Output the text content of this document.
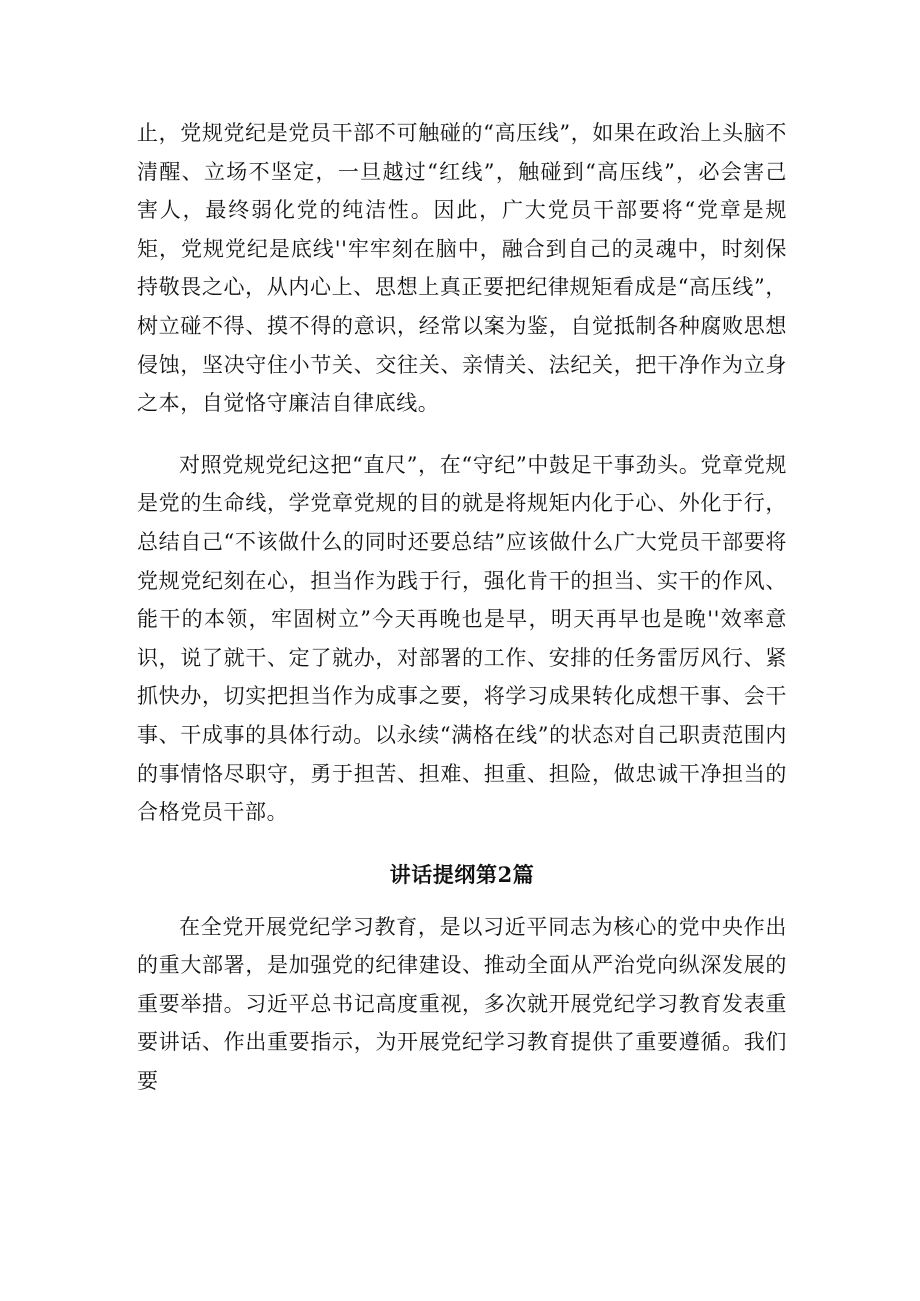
止，党规党纪是党员干部不可触碰的“高压线”，如果在政治上头脑不清醒、立场不坚定，一旦越过“红线”，触碰到“高压线”，必会害己害人，最终弱化党的纯洁性。因此，广大党员干部要将“党章是规矩，党规党纪是底线''牢牢刻在脑中，融合到自己的灵魂中，时刻保持敬畏之心，从内心上、思想上真正要把纪律规矩看成是“高压线”，树立碰不得、摸不得的意识，经常以案为鉴，自觉抵制各种腐败思想侵蚀，坚决守住小节关、交往关、亲情关、法纪关，把干净作为立身之本，自觉恪守廉洁自律底线。

对照党规党纪这把“直尺”，在“守纪”中鼓足干事劲头。党章党规是党的生命线，学党章党规的目的就是将规矩内化于心、外化于行，总结自己“不该做什么的同时还要总结”应该做什么广大党员干部要将党规党纪刻在心，担当作为践于行，强化肯干的担当、实干的作风、能干的本领，牢固树立”今天再晚也是早，明天再早也是晚''效率意识，说了就干、定了就办，对部署的工作、安排的任务雷厉风行、紧抓快办，切实把担当作为成事之要，将学习成果转化成想干事、会干事、干成事的具体行动。以永续“满格在线”的状态对自己职责范围内的事情恪尽职守，勇于担苦、担难、担重、担险，做忠诚干净担当的合格党员干部。

讲话提纲第2篇

在全党开展党纪学习教育，是以习近平同志为核心的党中央作出的重大部署，是加强党的纪律建设、推动全面从严治党向纵深发展的重要举措。习近平总书记高度重视，多次就开展党纪学习教育发表重要讲话、作出重要指示，为开展党纪学习教育提供了重要遵循。我们要
